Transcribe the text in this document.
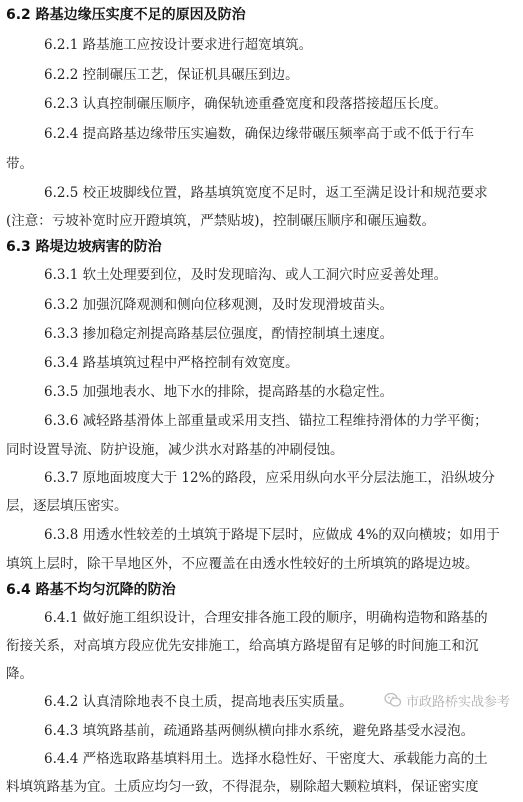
6.2 路基边缘压实度不足的原因及防治
6.2.1 路基施工应按设计要求进行超宽填筑。
6.2.2 控制碾压工艺，保证机具碾压到边。
6.2.3 认真控制碾压顺序，确保轨迹重叠宽度和段落搭接超压长度。
6.2.4 提高路基边缘带压实遍数，确保边缘带碾压频率高于或不低于行车
带。
6.2.5 校正坡脚线位置，路基填筑宽度不足时，返工至满足设计和规范要求
(注意：亏坡补宽时应开蹬填筑，严禁贴坡)，控制碾压顺序和碾压遍数。
6.3 路堤边坡病害的防治
6.3.1 软土处理要到位，及时发现暗沟、或人工洞穴时应妥善处理。
6.3.2 加强沉降观测和侧向位移观测，及时发现滑坡苗头。
6.3.3 掺加稳定剂提高路基层位强度，酌情控制填土速度。
6.3.4 路基填筑过程中严格控制有效宽度。
6.3.5 加强地表水、地下水的排除，提高路基的水稳定性。
6.3.6 减轻路基滑体上部重量或采用支挡、锚拉工程维持滑体的力学平衡；
同时设置导流、防护设施，减少洪水对路基的冲刷侵蚀。
6.3.7 原地面坡度大于 12%的路段，应采用纵向水平分层法施工，沿纵坡分
层，逐层填压密实。
6.3.8 用透水性较差的土填筑于路堤下层时，应做成 4%的双向横坡；如用于
填筑上层时，除干旱地区外，不应覆盖在由透水性较好的土所填筑的路堤边坡。
6.4 路基不均匀沉降的防治
6.4.1 做好施工组织设计，合理安排各施工段的顺序，明确构造物和路基的
衔接关系，对高填方段应优先安排施工，给高填方路堤留有足够的时间施工和沉
降。
6.4.2 认真清除地表不良土质，提高地表压实质量。
6.4.3 填筑路基前，疏通路基两侧纵横向排水系统，避免路基受水浸泡。
6.4.4 严格选取路基填料用土。选择水稳性好、干密度大、承载能力高的土
料填筑路基为宜。土质应均匀一致，不得混杂，剔除超大颗粒填料，保证密实度
市政路桥实战参考
